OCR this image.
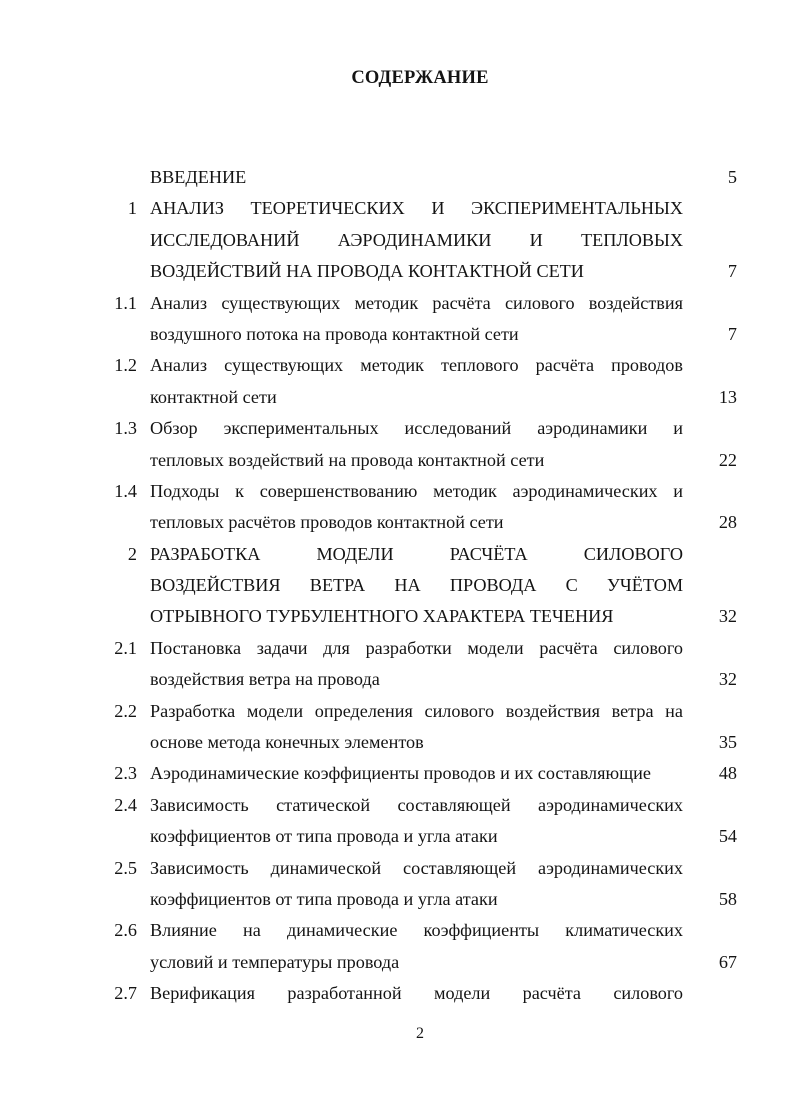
СОДЕРЖАНИЕ
ВВЕДЕНИЕ	5
1 АНАЛИЗ ТЕОРЕТИЧЕСКИХ И ЭКСПЕРИМЕНТАЛЬНЫХ
ИССЛЕДОВАНИЙ АЭРОДИНАМИКИ И ТЕПЛОВЫХ
ВОЗДЕЙСТВИЙ НА ПРОВОДА КОНТАКТНОЙ СЕТИ	7
1.1 Анализ существующих методик расчёта силового воздействия
воздушного потока на провода контактной сети	7
1.2 Анализ существующих методик теплового расчёта проводов
контактной сети	13
1.3 Обзор экспериментальных исследований аэродинамики и
тепловых воздействий на провода контактной сети	22
1.4 Подходы к совершенствованию методик аэродинамических и
тепловых расчётов проводов контактной сети	28
2 РАЗРАБОТКА МОДЕЛИ РАСЧЁТА СИЛОВОГО
ВОЗДЕЙСТВИЯ ВЕТРА НА ПРОВОДА С УЧЁТОМ
ОТРЫВНОГО ТУРБУЛЕНТНОГО ХАРАКТЕРА ТЕЧЕНИЯ	32
2.1 Постановка задачи для разработки модели расчёта силового
воздействия ветра на провода	32
2.2 Разработка модели определения силового воздействия ветра на
основе метода конечных элементов	35
2.3 Аэродинамические коэффициенты проводов и их составляющие	48
2.4 Зависимость статической составляющей аэродинамических
коэффициентов от типа провода и угла атаки	54
2.5 Зависимость динамической составляющей аэродинамических
коэффициентов от типа провода и угла атаки	58
2.6 Влияние на динамические коэффициенты климатических
условий и температуры провода	67
2.7 Верификация разработанной модели расчёта силового
2
